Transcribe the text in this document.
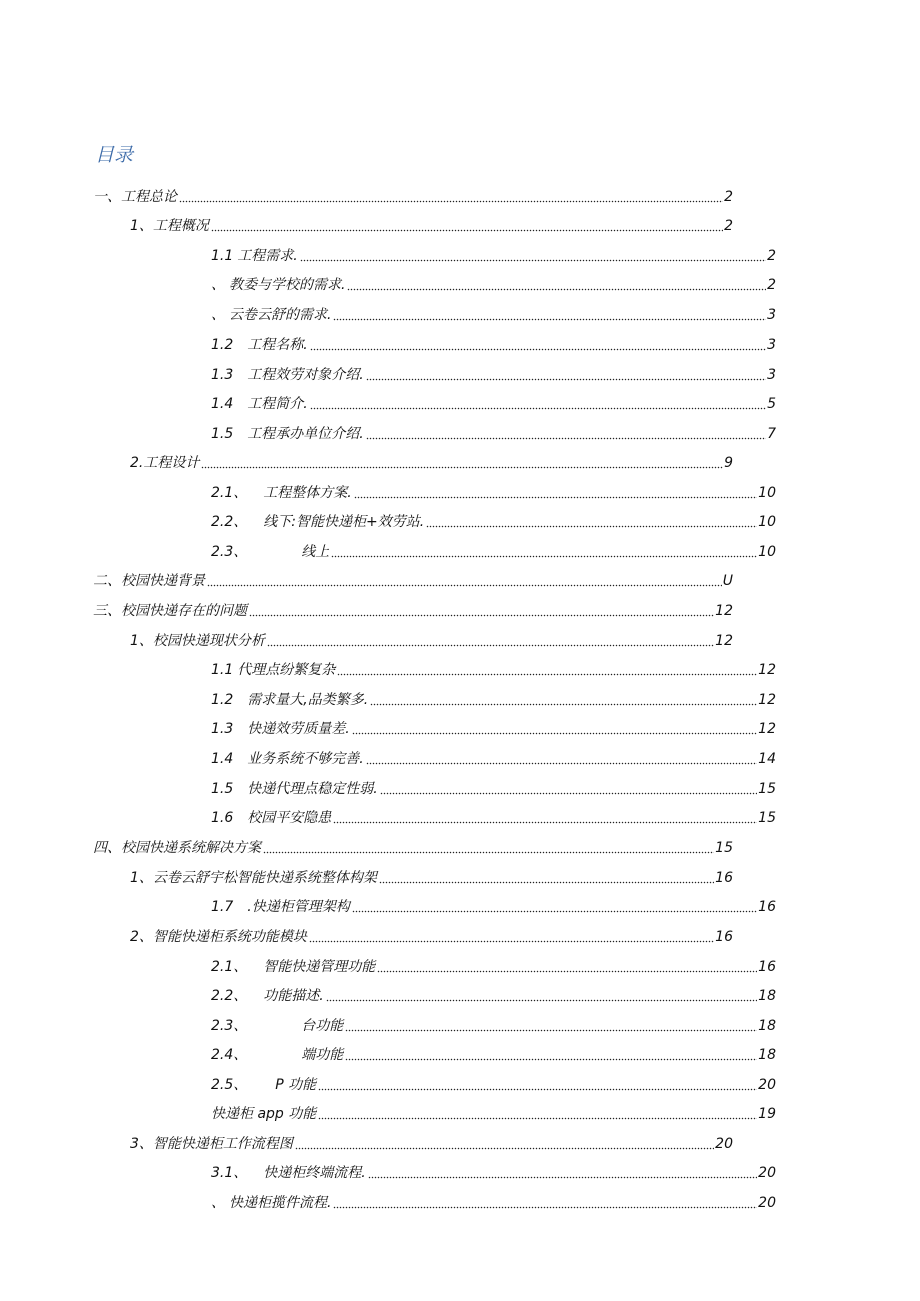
目录
一、工程总论	2
1、工程概况	2
1.1 工程需求.	2
、 教委与学校的需求.	2
、 云卷云舒的需求.	3
1.2 工程名称.	3
1.3 工程效劳对象介绍.	3
1.4 工程简介.	5
1.5 工程承办单位介绍.	7
2.工程设计	9
2.1、 工程整体方案.	10
2.2、 线下:智能快递柜+效劳站.	10
2.3、	线上	10
二、校园快递背景	U
三、校园快递存在的问题	12
1、校园快递现状分析	12
1.1 代理点纷繁复杂	12
1.2 需求量大,品类繁多.	12
1.3 快递效劳质量差.	12
1.4 业务系统不够完善.	14
1.5 快递代理点稳定性弱.	15
1.6 校园平安隐患	15
四、校园快递系统解决方案	15
1、云卷云舒宇松智能快递系统整体构架	16
1.7 .快递柜管理架构	16
2、智能快递柜系统功能模块	16
2.1、 智能快递管理功能	16
2.2、 功能描述.	18
2.3、	台功能	18
2.4、	端功能	18
2.5、 P 功能	20
快递柜 app 功能	19
3、智能快递柜工作流程图	20
3.1、 快递柜终端流程.	20
、 快递柜揽件流程.	20
